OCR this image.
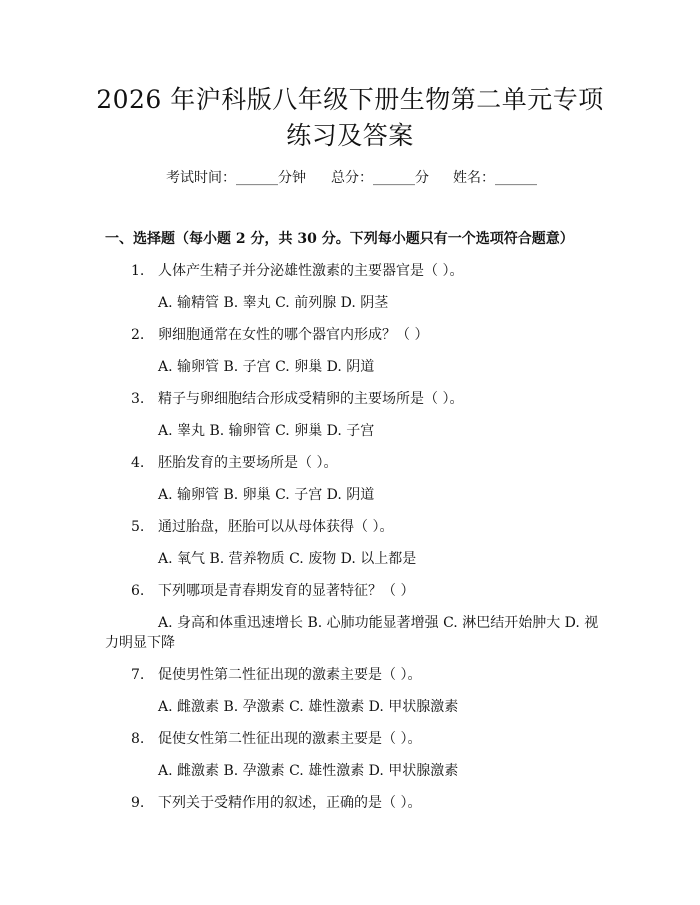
2026 年沪科版八年级下册生物第二单元专项
练习及答案
考试时间：______分钟 总分：______分 姓名：______
一、选择题（每小题 2 分，共 30 分。下列每小题只有一个选项符合题意）
1. 人体产生精子并分泌雄性激素的主要器官是（ ）。
A. 输精管 B. 睾丸 C. 前列腺 D. 阴茎
2. 卵细胞通常在女性的哪个器官内形成？（ ）
A. 输卵管 B. 子宫 C. 卵巢 D. 阴道
3. 精子与卵细胞结合形成受精卵的主要场所是（ ）。
A. 睾丸 B. 输卵管 C. 卵巢 D. 子宫
4. 胚胎发育的主要场所是（ ）。
A. 输卵管 B. 卵巢 C. 子宫 D. 阴道
5. 通过胎盘，胚胎可以从母体获得（ ）。
A. 氧气 B. 营养物质 C. 废物 D. 以上都是
6. 下列哪项是青春期发育的显著特征？（ ）
A. 身高和体重迅速增长 B. 心肺功能显著增强 C. 淋巴结开始肿大 D. 视力明显下降
7. 促使男性第二性征出现的激素主要是（ ）。
A. 雌激素 B. 孕激素 C. 雄性激素 D. 甲状腺激素
8. 促使女性第二性征出现的激素主要是（ ）。
A. 雌激素 B. 孕激素 C. 雄性激素 D. 甲状腺激素
9. 下列关于受精作用的叙述，正确的是（ ）。
